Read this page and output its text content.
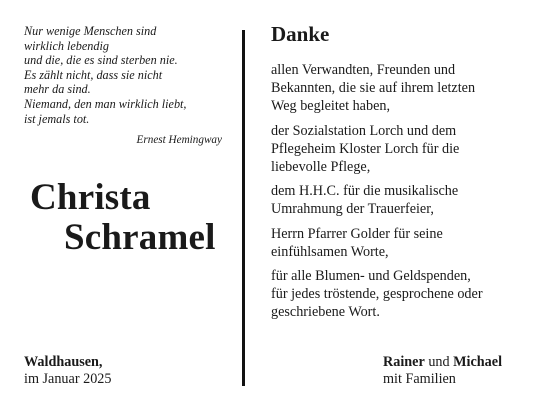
Nur wenige Menschen sind
wirklich lebendig
und die, die es sind sterben nie.
Es zählt nicht, dass sie nicht
mehr da sind.
Niemand, den man wirklich liebt,
ist jemals tot.
Ernest Hemingway
Christa
Schramel
Waldhausen,
im Januar 2025
Danke
allen Verwandten, Freunden und
Bekannten, die sie auf ihrem letzten
Weg begleitet haben,
der Sozialstation Lorch und dem
Pflegeheim Kloster Lorch für die
liebevolle Pflege,
dem H.H.C. für die musikalische
Umrahmung der Trauerfeier,
Herrn Pfarrer Golder für seine
einfühlsamen Worte,
für alle Blumen- und Geldspenden,
für jedes tröstende, gesprochene oder
geschriebene Wort.
Rainer und Michael
mit Familien
